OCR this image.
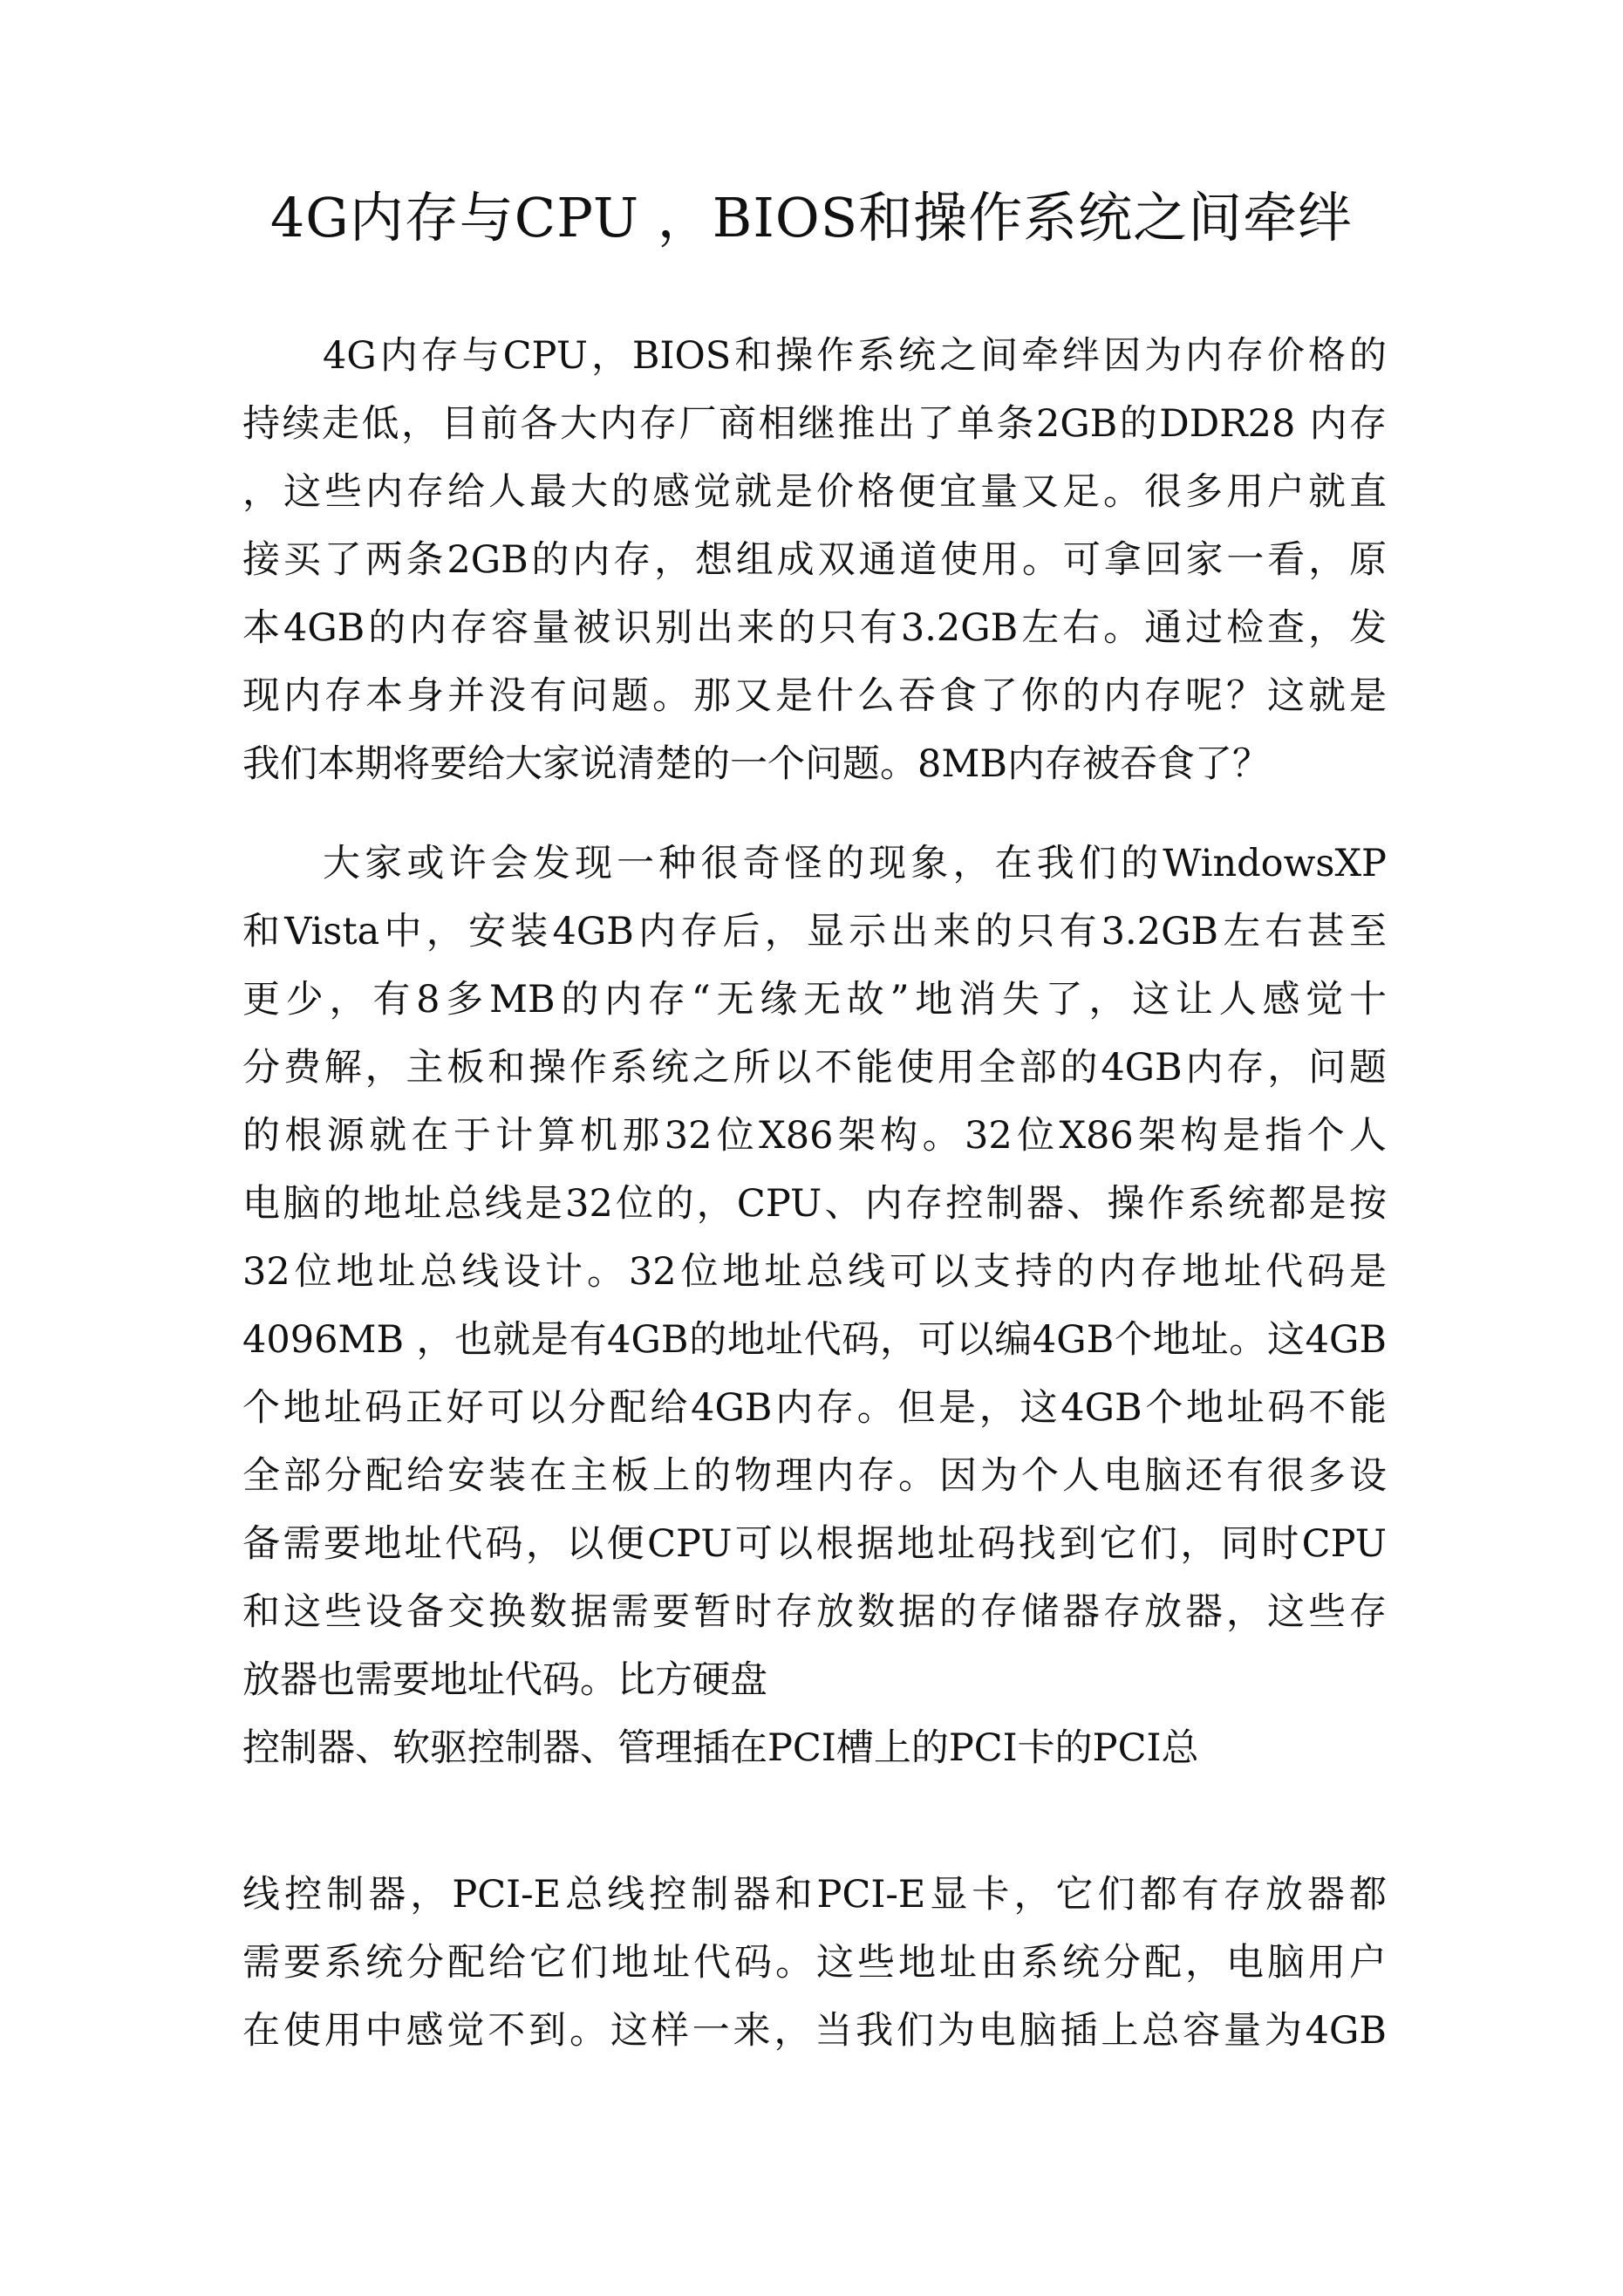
4G内存与CPU ，BIOS和操作系统之间牵绊
4G内存与CPU，BIOS和操作系统之间牵绊因为内存价格的
持续走低，目前各大内存厂商相继推出了单条2GB的DDR28 内存
，这些内存给人最大的感觉就是价格便宜量又足。很多用户就直
接买了两条2GB的内存，想组成双通道使用。可拿回家一看，原
本4GB的内存容量被识别出来的只有3.2GB左右。通过检查，发
现内存本身并没有问题。那又是什么吞食了你的内存呢？这就是
我们本期将要给大家说清楚的一个问题。8MB内存被吞食了？
大家或许会发现一种很奇怪的现象，在我们的WindowsXP
和Vista中，安装4GB内存后，显示出来的只有3.2GB左右甚至
更少，有8多MB的内存“无缘无故”地消失了，这让人感觉十
分费解，主板和操作系统之所以不能使用全部的4GB内存，问题
的根源就在于计算机那32位X86架构。32位X86架构是指个人
电脑的地址总线是32位的，CPU、内存控制器、操作系统都是按
32位地址总线设计。32位地址总线可以支持的内存地址代码是
4096MB ，也就是有4GB的地址代码，可以编4GB个地址。这4GB
个地址码正好可以分配给4GB内存。但是，这4GB个地址码不能
全部分配给安装在主板上的物理内存。因为个人电脑还有很多设
备需要地址代码，以便CPU可以根据地址码找到它们，同时CPU
和这些设备交换数据需要暂时存放数据的存储器存放器，这些存
放器也需要地址代码。比方硬盘
控制器、软驱控制器、管理插在PCI槽上的PCI卡的PCI总
线控制器，PCI-E总线控制器和PCI-E显卡，它们都有存放器都
需要系统分配给它们地址代码。这些地址由系统分配，电脑用户
在使用中感觉不到。这样一来，当我们为电脑插上总容量为4GB
